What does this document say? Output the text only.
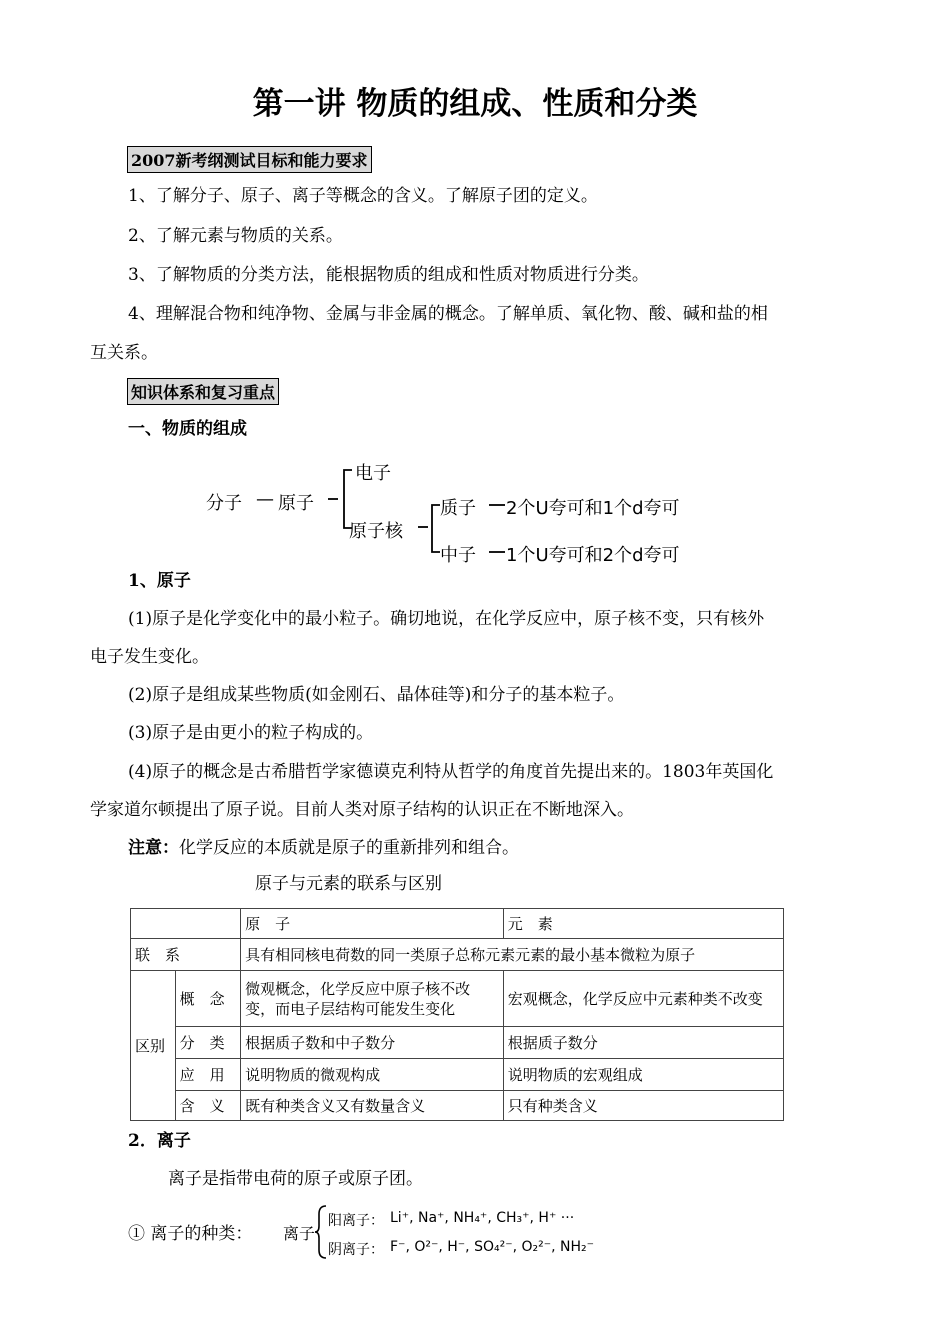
第一讲 物质的组成、性质和分类
2007新考纲测试目标和能力要求
1、了解分子、原子、离子等概念的含义。了解原子团的定义。
2、了解元素与物质的关系。
3、了解物质的分类方法，能根据物质的组成和性质对物质进行分类。
4、理解混合物和纯净物、金属与非金属的概念。了解单质、氧化物、酸、碱和盐的相
互关系。
知识体系和复习重点
一、物质的组成
分子 — 原子
电子
原子核
质子 2个U夸可和1个d夸可
中子 1个U夸可和2个d夸可
1、原子
(1)原子是化学变化中的最小粒子。确切地说，在化学反应中，原子核不变，只有核外
电子发生变化。
(2)原子是组成某些物质(如金刚石、晶体硅等)和分子的基本粒子。
(3)原子是由更小的粒子构成的。
(4)原子的概念是古希腊哲学家德谟克利特从哲学的角度首先提出来的。1803年英国化
学家道尔顿提出了原子说。目前人类对原子结构的认识正在不断地深入。
注意：化学反应的本质就是原子的重新排列和组合。
原子与元素的联系与区别
		原　子	元　素
联　系		具有相同核电荷数的同一类原子总称元素元素的最小基本微粒为原子	
区别	概　念	微观概念，化学反应中原子核不改变，而电子层结构可能发生变化	宏观概念，化学反应中元素种类不改变
	分　类	根据质子数和中子数分	根据质子数分
	应　用	说明物质的微观构成	说明物质的宏观组成
	含　义	既有种类含义又有数量含义	只有种类含义
2．离子
离子是指带电荷的原子或原子团。
① 离子的种类： 离子
阳离子： Li⁺, Na⁺, NH₄⁺, CH₃⁺, H⁺ ···
阴离子： F⁻, O²⁻, H⁻, SO₄²⁻, O₂²⁻, NH₂⁻
